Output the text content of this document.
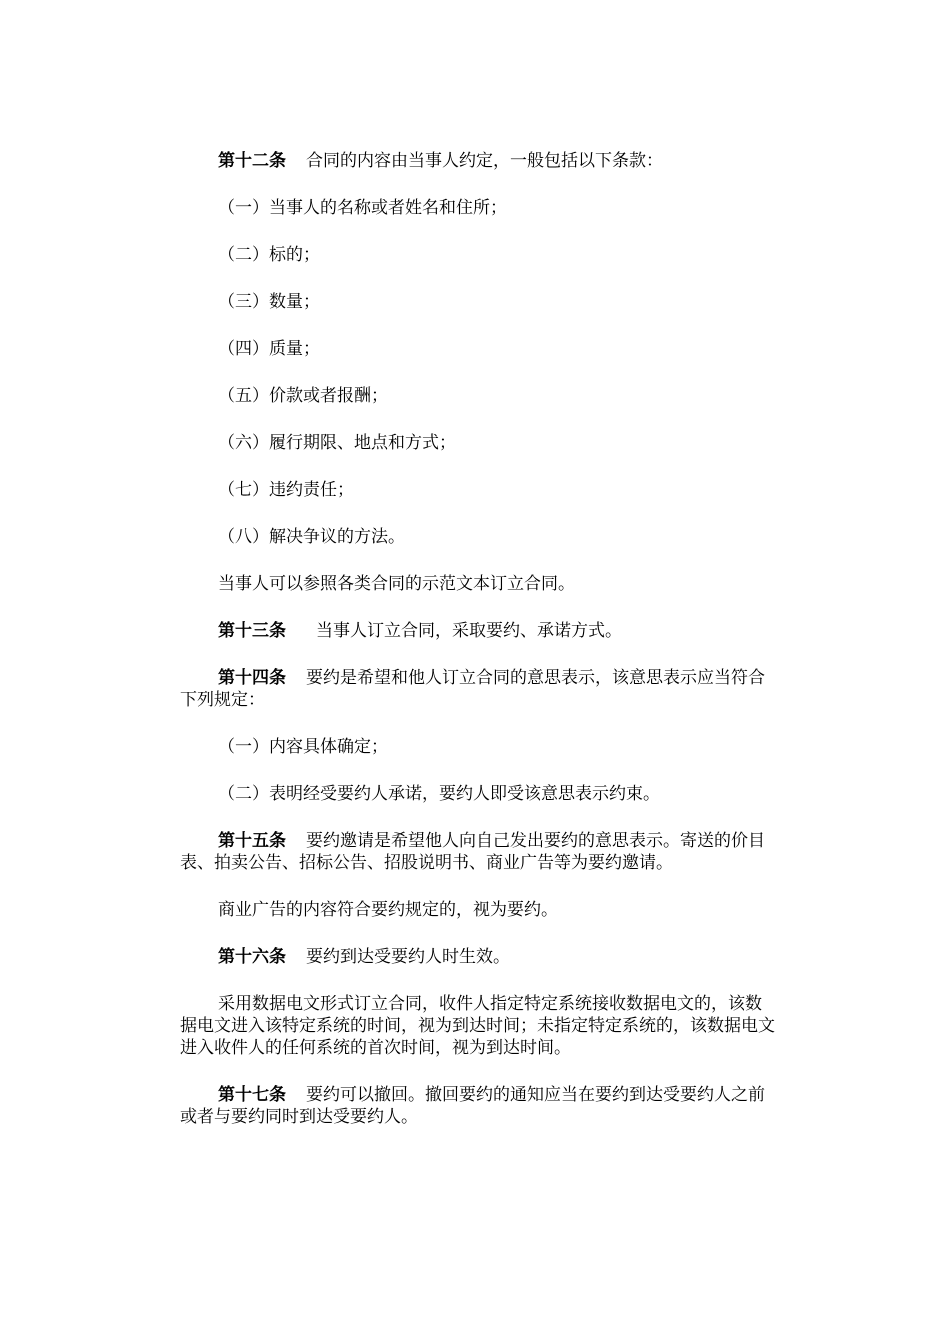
第十二条 合同的内容由当事人约定，一般包括以下条款：

（一）当事人的名称或者姓名和住所；

（二）标的；

（三）数量；

（四）质量；

（五）价款或者报酬；

（六）履行期限、地点和方式；

（七）违约责任；

（八）解决争议的方法。

当事人可以参照各类合同的示范文本订立合同。

第十三条 当事人订立合同，采取要约、承诺方式。

第十四条 要约是希望和他人订立合同的意思表示，该意思表示应当符合下列规定：

（一）内容具体确定；

（二）表明经受要约人承诺，要约人即受该意思表示约束。

第十五条 要约邀请是希望他人向自己发出要约的意思表示。寄送的价目表、拍卖公告、招标公告、招股说明书、商业广告等为要约邀请。

商业广告的内容符合要约规定的，视为要约。

第十六条 要约到达受要约人时生效。

采用数据电文形式订立合同，收件人指定特定系统接收数据电文的，该数据电文进入该特定系统的时间，视为到达时间；未指定特定系统的，该数据电文进入收件人的任何系统的首次时间，视为到达时间。

第十七条 要约可以撤回。撤回要约的通知应当在要约到达受要约人之前或者与要约同时到达受要约人。
